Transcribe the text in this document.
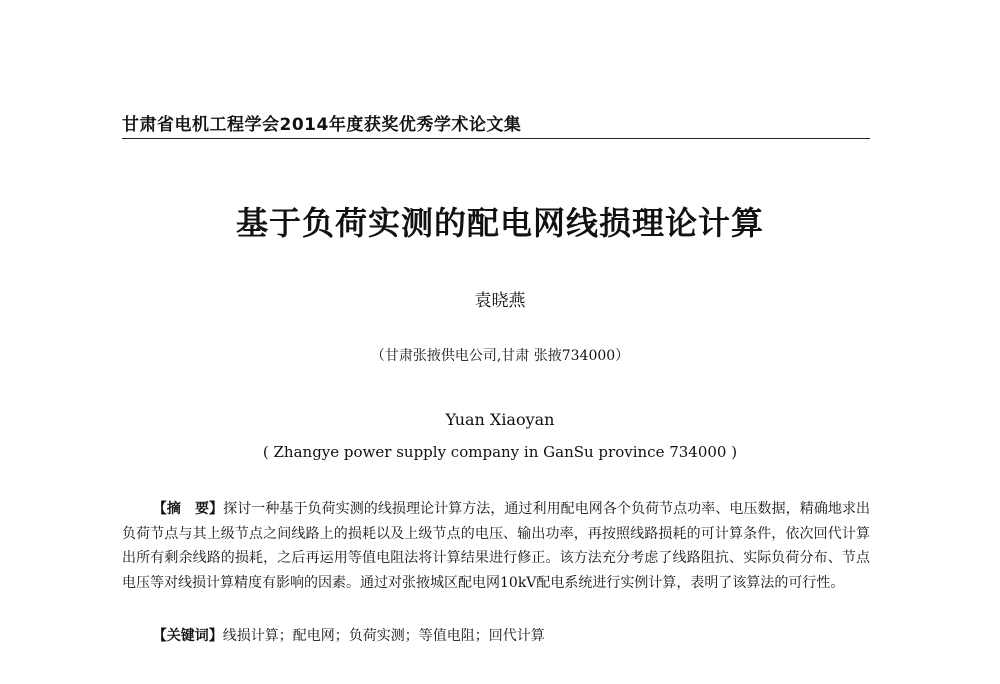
甘肃省电机工程学会2014年度获奖优秀学术论文集
基于负荷实测的配电网线损理论计算
袁晓燕
（甘肃张掖供电公司,甘肃 张掖734000）
Yuan Xiaoyan
( Zhangye power supply company in GanSu province 734000 )
【摘　要】探讨一种基于负荷实测的线损理论计算方法，通过利用配电网各个负荷节点功率、电压数据，精确地求出负荷节点与其上级节点之间线路上的损耗以及上级节点的电压、输出功率，再按照线路损耗的可计算条件，依次回代计算出所有剩余线路的损耗，之后再运用等值电阻法将计算结果进行修正。该方法充分考虑了线路阻抗、实际负荷分布、节点电压等对线损计算精度有影响的因素。通过对张掖城区配电网10kV配电系统进行实例计算，表明了该算法的可行性。
【关键词】线损计算；配电网；负荷实测；等值电阻；回代计算
